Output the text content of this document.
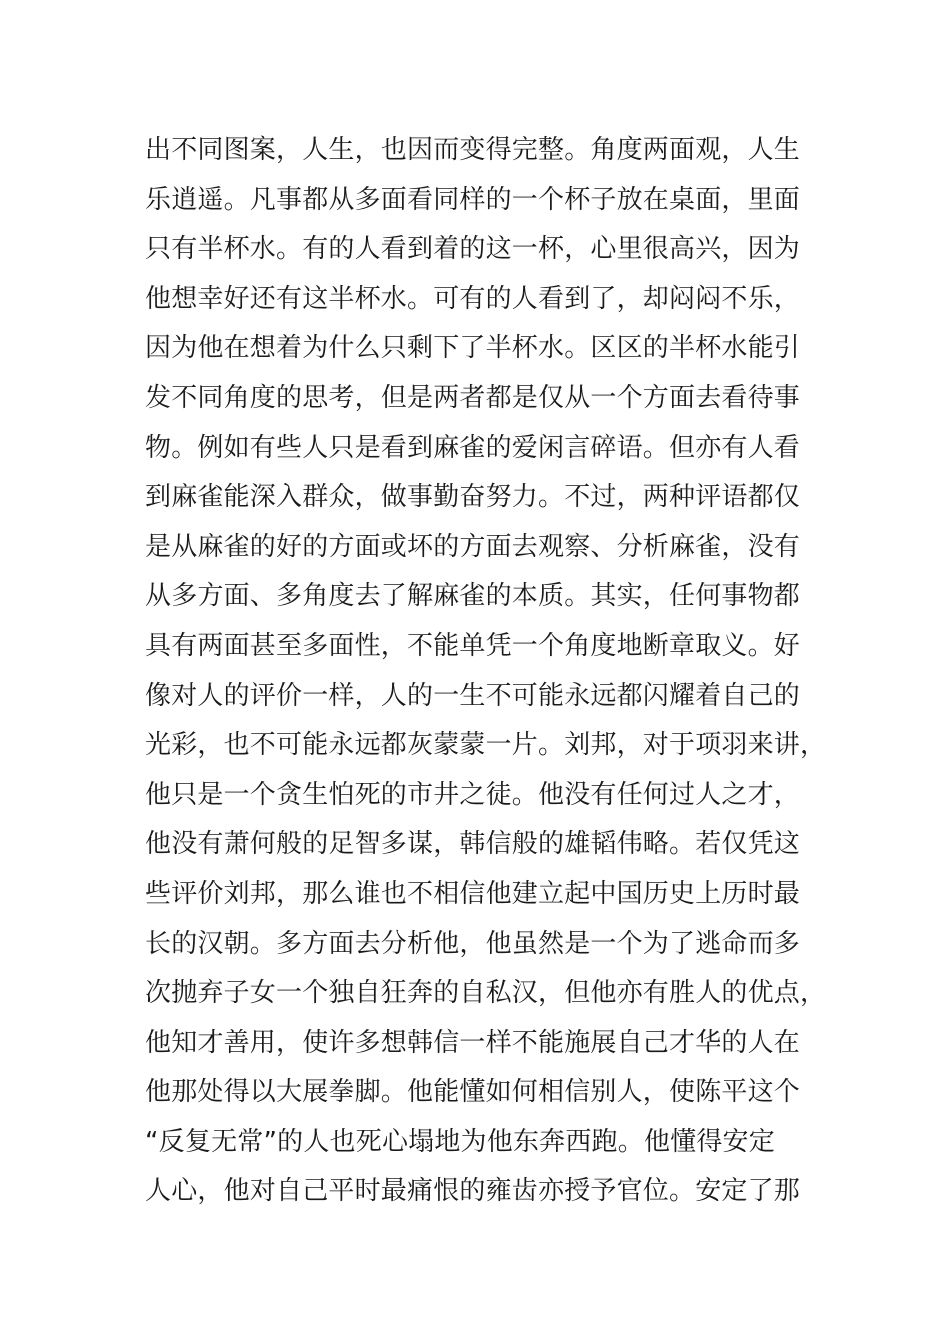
出不同图案，人生，也因而变得完整。角度两面观，人生
乐逍遥。凡事都从多面看同样的一个杯子放在桌面，里面
只有半杯水。有的人看到着的这一杯，心里很高兴，因为
他想幸好还有这半杯水。可有的人看到了，却闷闷不乐，
因为他在想着为什么只剩下了半杯水。区区的半杯水能引
发不同角度的思考，但是两者都是仅从一个方面去看待事
物。例如有些人只是看到麻雀的爱闲言碎语。但亦有人看
到麻雀能深入群众，做事勤奋努力。不过，两种评语都仅
是从麻雀的好的方面或坏的方面去观察、分析麻雀，没有
从多方面、多角度去了解麻雀的本质。其实，任何事物都
具有两面甚至多面性，不能单凭一个角度地断章取义。好
像对人的评价一样，人的一生不可能永远都闪耀着自己的
光彩，也不可能永远都灰蒙蒙一片。刘邦，对于项羽来讲，
他只是一个贪生怕死的市井之徒。他没有任何过人之才，
他没有萧何般的足智多谋，韩信般的雄韬伟略。若仅凭这
些评价刘邦，那么谁也不相信他建立起中国历史上历时最
长的汉朝。多方面去分析他，他虽然是一个为了逃命而多
次抛弃子女一个独自狂奔的自私汉，但他亦有胜人的优点，
他知才善用，使许多想韩信一样不能施展自己才华的人在
他那处得以大展拳脚。他能懂如何相信别人，使陈平这个
“反复无常”的人也死心塌地为他东奔西跑。他懂得安定
人心，他对自己平时最痛恨的雍齿亦授予官位。安定了那
